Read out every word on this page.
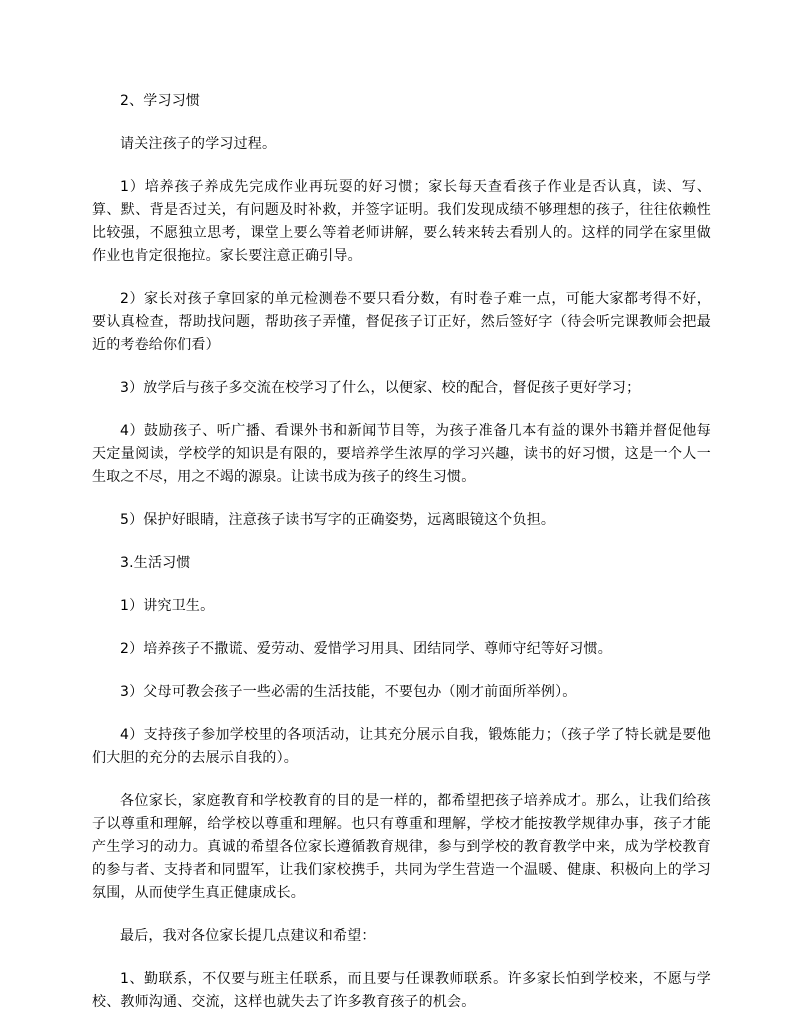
2、学习习惯

请关注孩子的学习过程。

1）培养孩子养成先完成作业再玩耍的好习惯；家长每天查看孩子作业是否认真，读、写、算、默、背是否过关，有问题及时补救，并签字证明。我们发现成绩不够理想的孩子，往往依赖性比较强，不愿独立思考，课堂上要么等着老师讲解，要么转来转去看别人的。这样的同学在家里做作业也肯定很拖拉。家长要注意正确引导。

2）家长对孩子拿回家的单元检测卷不要只看分数，有时卷子难一点，可能大家都考得不好，要认真检查，帮助找问题，帮助孩子弄懂，督促孩子订正好，然后签好字（待会听完课教师会把最近的考卷给你们看）

3）放学后与孩子多交流在校学习了什么，以便家、校的配合，督促孩子更好学习；

4）鼓励孩子、听广播、看课外书和新闻节目等，为孩子准备几本有益的课外书籍并督促他每天定量阅读，学校学的知识是有限的，要培养学生浓厚的学习兴趣，读书的好习惯，这是一个人一生取之不尽，用之不竭的源泉。让读书成为孩子的终生习惯。

5）保护好眼睛，注意孩子读书写字的正确姿势，远离眼镜这个负担。

3.生活习惯

1）讲究卫生。

2）培养孩子不撒谎、爱劳动、爱惜学习用具、团结同学、尊师守纪等好习惯。

3）父母可教会孩子一些必需的生活技能，不要包办（刚才前面所举例）。

4）支持孩子参加学校里的各项活动，让其充分展示自我，锻炼能力；（孩子学了特长就是要他们大胆的充分的去展示自我的）。

各位家长，家庭教育和学校教育的目的是一样的，都希望把孩子培养成才。那么，让我们给孩子以尊重和理解，给学校以尊重和理解。也只有尊重和理解，学校才能按教学规律办事，孩子才能产生学习的动力。真诚的希望各位家长遵循教育规律，参与到学校的教育教学中来，成为学校教育的参与者、支持者和同盟军，让我们家校携手，共同为学生营造一个温暖、健康、积极向上的学习氛围，从而使学生真正健康成长。

最后，我对各位家长提几点建议和希望：

1、勤联系，不仅要与班主任联系，而且要与任课教师联系。许多家长怕到学校来，不愿与学校、教师沟通、交流，这样也就失去了许多教育孩子的机会。
